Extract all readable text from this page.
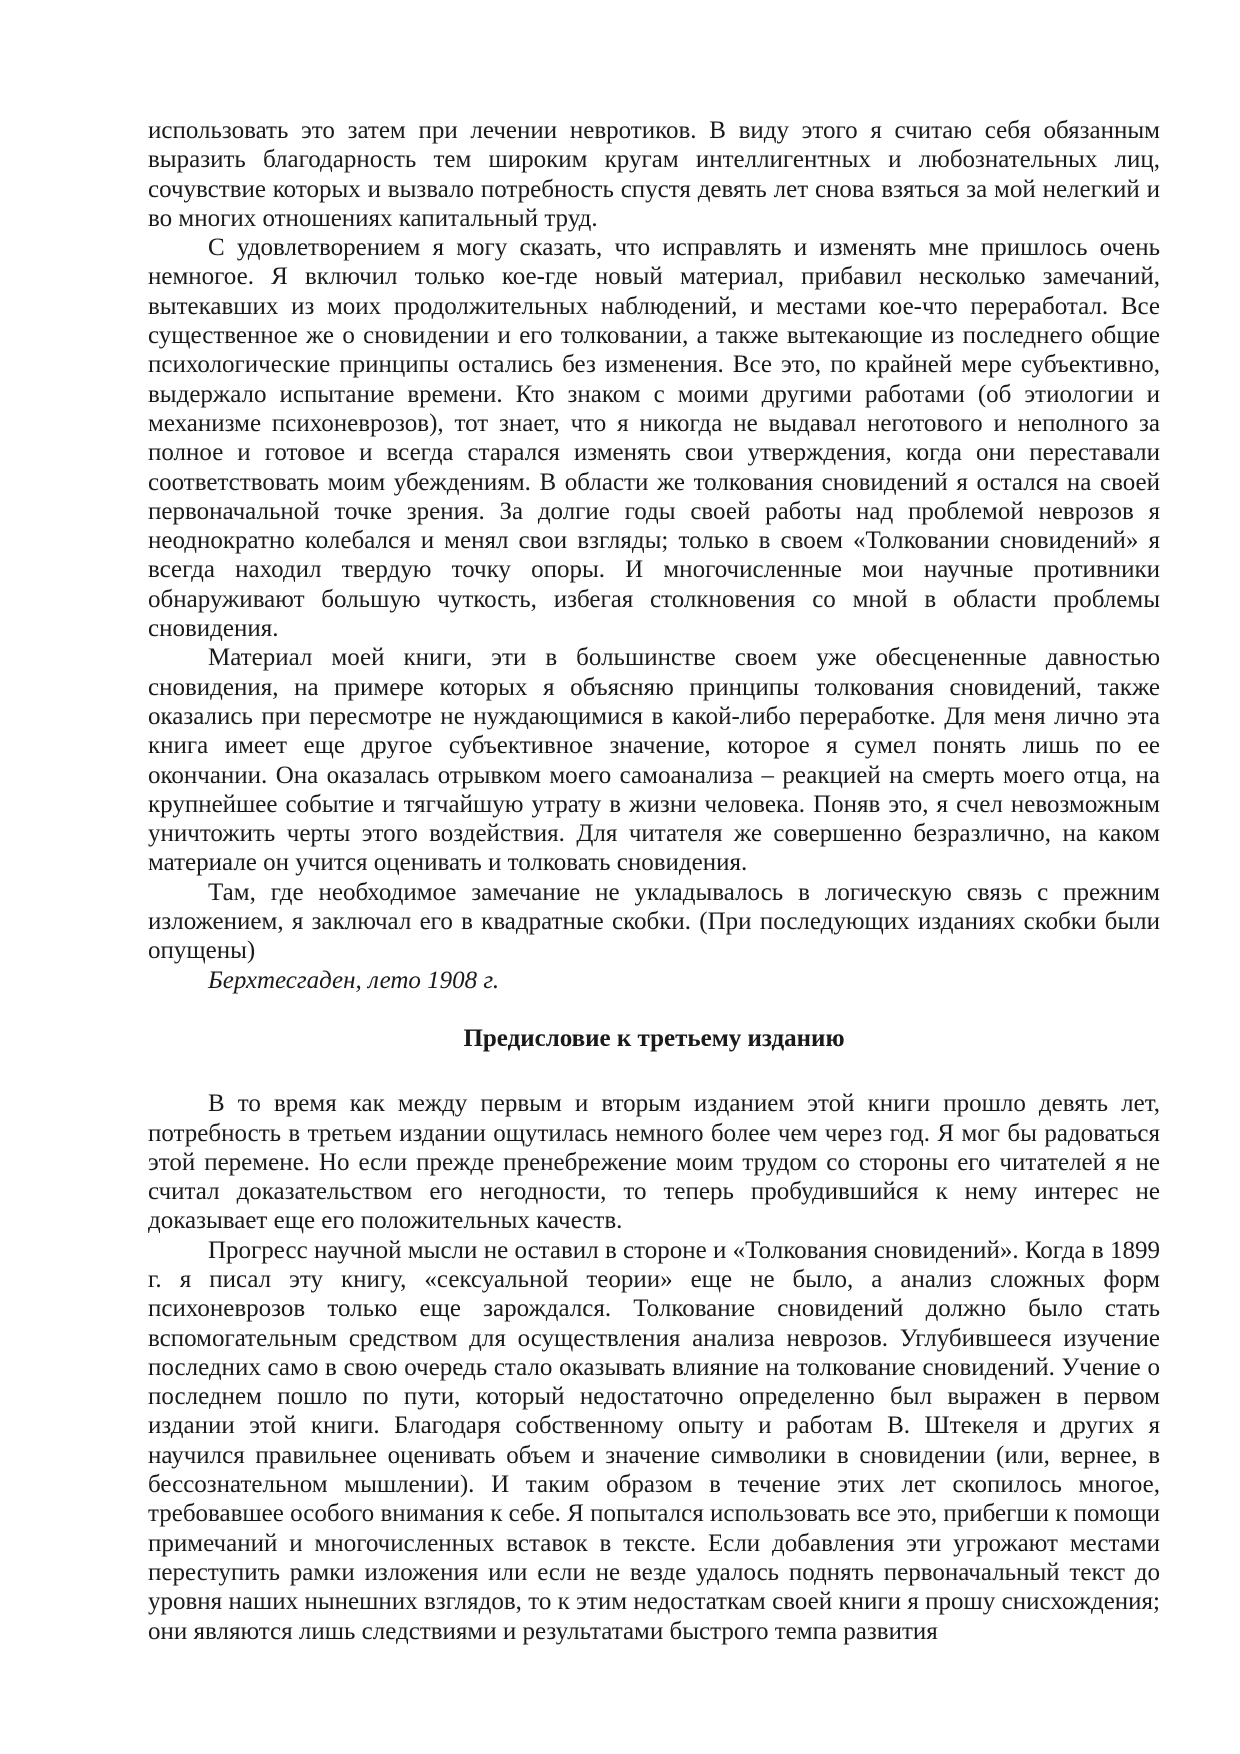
использовать это затем при лечении невротиков. В виду этого я считаю себя обязанным выразить благодарность тем широким кругам интеллигентных и любознательных лиц, сочувствие которых и вызвало потребность спустя девять лет снова взяться за мой нелегкий и во многих отношениях капитальный труд.

С удовлетворением я могу сказать, что исправлять и изменять мне пришлось очень немногое. Я включил только кое-где новый материал, прибавил несколько замечаний, вытекавших из моих продолжительных наблюдений, и местами кое-что переработал. Все существенное же о сновидении и его толковании, а также вытекающие из последнего общие психологические принципы остались без изменения. Все это, по крайней мере субъективно, выдержало испытание времени. Кто знаком с моими другими работами (об этиологии и механизме психоневрозов), тот знает, что я никогда не выдавал неготового и неполного за полное и готовое и всегда старался изменять свои утверждения, когда они переставали соответствовать моим убеждениям. В области же толкования сновидений я остался на своей первоначальной точке зрения. За долгие годы своей работы над проблемой неврозов я неоднократно колебался и менял свои взгляды; только в своем «Толковании сновидений» я всегда находил твердую точку опоры. И многочисленные мои научные противники обнаруживают большую чуткость, избегая столкновения со мной в области проблемы сновидения.

Материал моей книги, эти в большинстве своем уже обесцененные давностью сновидения, на примере которых я объясняю принципы толкования сновидений, также оказались при пересмотре не нуждающимися в какой-либо переработке. Для меня лично эта книга имеет еще другое субъективное значение, которое я сумел понять лишь по ее окончании. Она оказалась отрывком моего самоанализа – реакцией на смерть моего отца, на крупнейшее событие и тягчайшую утрату в жизни человека. Поняв это, я счел невозможным уничтожить черты этого воздействия. Для читателя же совершенно безразлично, на каком материале он учится оценивать и толковать сновидения.

Там, где необходимое замечание не укладывалось в логическую связь с прежним изложением, я заключал его в квадратные скобки. (При последующих изданиях скобки были опущены)

Берхтесгаден, лето 1908 г.

Предисловие к третьему изданию

В то время как между первым и вторым изданием этой книги прошло девять лет, потребность в третьем издании ощутилась немного более чем через год. Я мог бы радоваться этой перемене. Но если прежде пренебрежение моим трудом со стороны его читателей я не считал доказательством его негодности, то теперь пробудившийся к нему интерес не доказывает еще его положительных качеств.

Прогресс научной мысли не оставил в стороне и «Толкования сновидений». Когда в 1899 г. я писал эту книгу, «сексуальной теории» еще не было, а анализ сложных форм психоневрозов только еще зарождался. Толкование сновидений должно было стать вспомогательным средством для осуществления анализа неврозов. Углубившееся изучение последних само в свою очередь стало оказывать влияние на толкование сновидений. Учение о последнем пошло по пути, который недостаточно определенно был выражен в первом издании этой книги. Благодаря собственному опыту и работам В. Штекеля и других я научился правильнее оценивать объем и значение символики в сновидении (или, вернее, в бессознательном мышлении). И таким образом в течение этих лет скопилось многое, требовавшее особого внимания к себе. Я попытался использовать все это, прибегши к помощи примечаний и многочисленных вставок в тексте. Если добавления эти угрожают местами переступить рамки изложения или если не везде удалось поднять первоначальный текст до уровня наших нынешних взглядов, то к этим недостаткам своей книги я прошу снисхождения; они являются лишь следствиями и результатами быстрого темпа развития
